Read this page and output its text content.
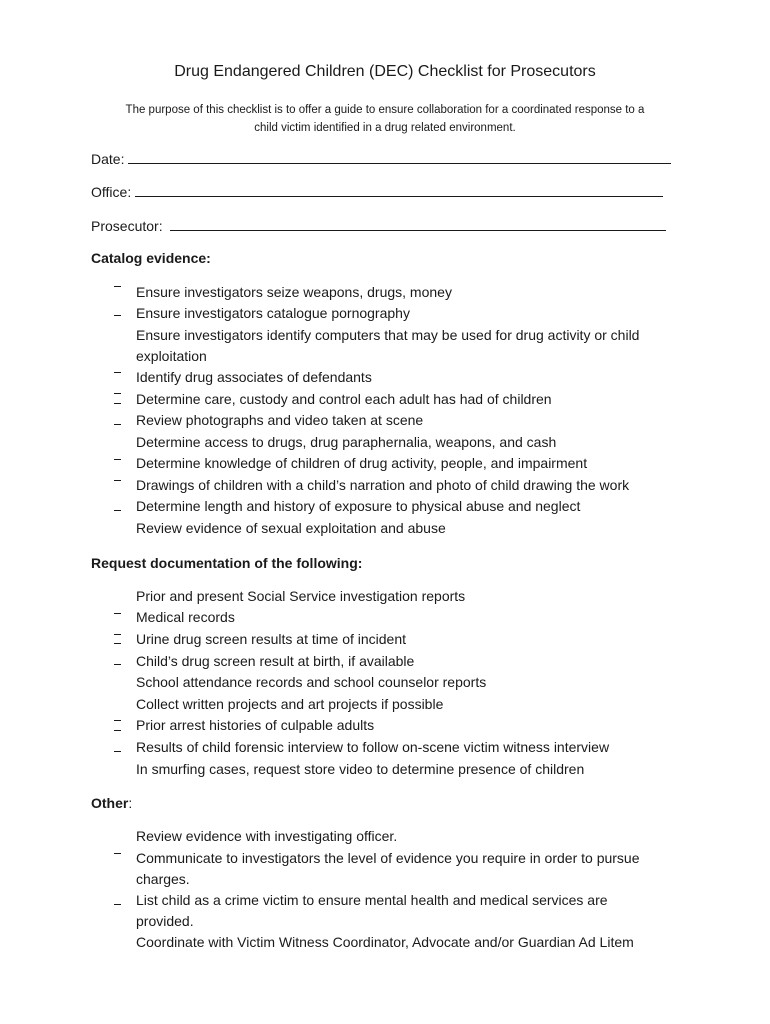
Drug Endangered Children (DEC) Checklist for Prosecutors
The purpose of this checklist is to offer a guide to ensure collaboration for a coordinated response to a
child victim identified in a drug related environment.
Date:
Office:
Prosecutor:
Catalog evidence:
Ensure investigators seize weapons, drugs, money
Ensure investigators catalogue pornography
Ensure investigators identify computers that may be used for drug activity or child
exploitation
Identify drug associates of defendants
Determine care, custody and control each adult has had of children
Review photographs and video taken at scene
Determine access to drugs, drug paraphernalia, weapons, and cash
Determine knowledge of children of drug activity, people, and impairment
Drawings of children with a child’s narration and photo of child drawing the work
Determine length and history of exposure to physical abuse and neglect
Review evidence of sexual exploitation and abuse
Request documentation of the following:
Prior and present Social Service investigation reports
Medical records
Urine drug screen results at time of incident
Child’s drug screen result at birth, if available
School attendance records and school counselor reports
Collect written projects and art projects if possible
Prior arrest histories of culpable adults
Results of child forensic interview to follow on-scene victim witness interview
In smurfing cases, request store video to determine presence of children
Other:
Review evidence with investigating officer.
Communicate to investigators the level of evidence you require in order to pursue
charges.
List child as a crime victim to ensure mental health and medical services are
provided.
Coordinate with Victim Witness Coordinator, Advocate and/or Guardian Ad Litem
